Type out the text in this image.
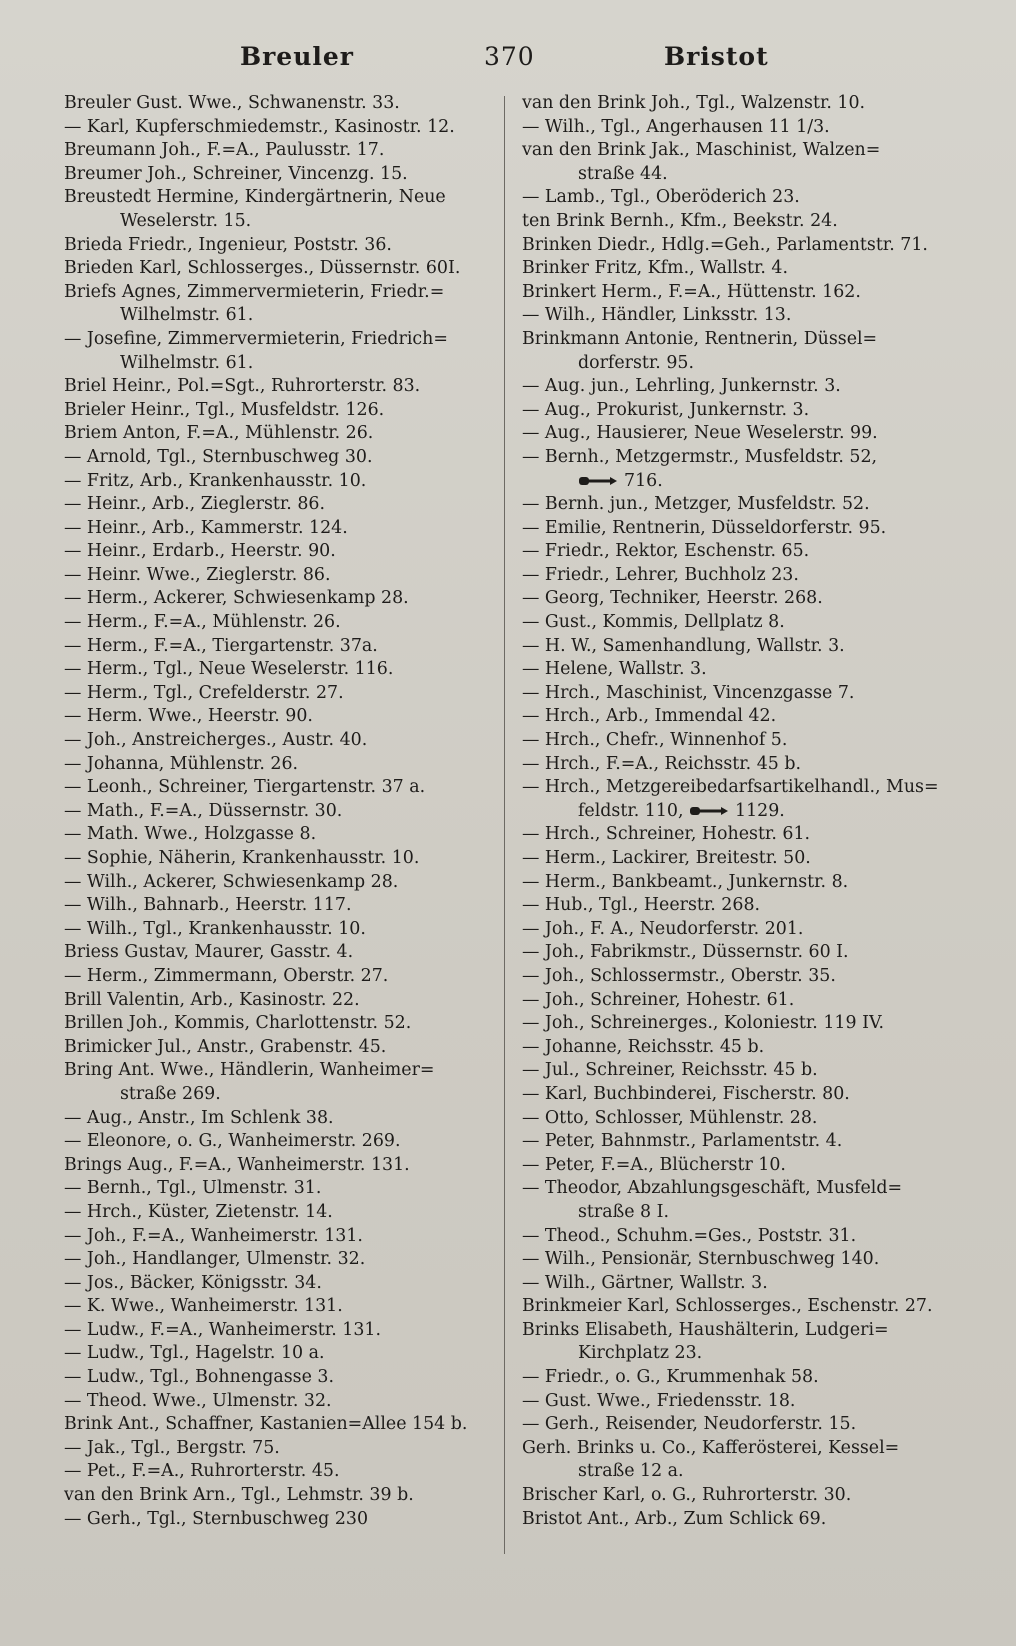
Breuler	370	Bristot
Breuler Gust. Wwe., Schwanenstr. 33.
— Karl, Kupferschmiedemstr., Kasinostr. 12.
Breumann Joh., F.=A., Paulusstr. 17.
Breumer Joh., Schreiner, Vincenzg. 15.
Breustedt Hermine, Kindergärtnerin, Neue
Weselerstr. 15.
Brieda Friedr., Ingenieur, Poststr. 36.
Brieden Karl, Schlosserges., Düssernstr. 60I.
Briefs Agnes, Zimmervermieterin, Friedr.=
Wilhelmstr. 61.
— Josefine, Zimmervermieterin, Friedrich=
Wilhelmstr. 61.
Briel Heinr., Pol.=Sgt., Ruhrorterstr. 83.
Brieler Heinr., Tgl., Musfeldstr. 126.
Briem Anton, F.=A., Mühlenstr. 26.
— Arnold, Tgl., Sternbuschweg 30.
— Fritz, Arb., Krankenhausstr. 10.
— Heinr., Arb., Zieglerstr. 86.
— Heinr., Arb., Kammerstr. 124.
— Heinr., Erdarb., Heerstr. 90.
— Heinr. Wwe., Zieglerstr. 86.
— Herm., Ackerer, Schwiesenkamp 28.
— Herm., F.=A., Mühlenstr. 26.
— Herm., F.=A., Tiergartenstr. 37a.
— Herm., Tgl., Neue Weselerstr. 116.
— Herm., Tgl., Crefelderstr. 27.
— Herm. Wwe., Heerstr. 90.
— Joh., Anstreicherges., Austr. 40.
— Johanna, Mühlenstr. 26.
— Leonh., Schreiner, Tiergartenstr. 37 a.
— Math., F.=A., Düssernstr. 30.
— Math. Wwe., Holzgasse 8.
— Sophie, Näherin, Krankenhausstr. 10.
— Wilh., Ackerer, Schwiesenkamp 28.
— Wilh., Bahnarb., Heerstr. 117.
— Wilh., Tgl., Krankenhausstr. 10.
Briess Gustav, Maurer, Gasstr. 4.
— Herm., Zimmermann, Oberstr. 27.
Brill Valentin, Arb., Kasinostr. 22.
Brillen Joh., Kommis, Charlottenstr. 52.
Brimicker Jul., Anstr., Grabenstr. 45.
Bring Ant. Wwe., Händlerin, Wanheimer=
straße 269.
— Aug., Anstr., Im Schlenk 38.
— Eleonore, o. G., Wanheimerstr. 269.
Brings Aug., F.=A., Wanheimerstr. 131.
— Bernh., Tgl., Ulmenstr. 31.
— Hrch., Küster, Zietenstr. 14.
— Joh., F.=A., Wanheimerstr. 131.
— Joh., Handlanger, Ulmenstr. 32.
— Jos., Bäcker, Königsstr. 34.
— K. Wwe., Wanheimerstr. 131.
— Ludw., F.=A., Wanheimerstr. 131.
— Ludw., Tgl., Hagelstr. 10 a.
— Ludw., Tgl., Bohnengasse 3.
— Theod. Wwe., Ulmenstr. 32.
Brink Ant., Schaffner, Kastanien=Allee 154 b.
— Jak., Tgl., Bergstr. 75.
— Pet., F.=A., Ruhrorterstr. 45.
van den Brink Arn., Tgl., Lehmstr. 39 b.
— Gerh., Tgl., Sternbuschweg 230
van den Brink Joh., Tgl., Walzenstr. 10.
— Wilh., Tgl., Angerhausen 11 1/3.
van den Brink Jak., Maschinist, Walzen=
straße 44.
— Lamb., Tgl., Oberöderich 23.
ten Brink Bernh., Kfm., Beekstr. 24.
Brinken Diedr., Hdlg.=Geh., Parlamentstr. 71.
Brinker Fritz, Kfm., Wallstr. 4.
Brinkert Herm., F.=A., Hüttenstr. 162.
— Wilh., Händler, Linksstr. 13.
Brinkmann Antonie, Rentnerin, Düssel=
dorferstr. 95.
— Aug. jun., Lehrling, Junkernstr. 3.
— Aug., Prokurist, Junkernstr. 3.
— Aug., Hausierer, Neue Weselerstr. 99.
— Bernh., Metzgermstr., Musfeldstr. 52,
716.
— Bernh. jun., Metzger, Musfeldstr. 52.
— Emilie, Rentnerin, Düsseldorferstr. 95.
— Friedr., Rektor, Eschenstr. 65.
— Friedr., Lehrer, Buchholz 23.
— Georg, Techniker, Heerstr. 268.
— Gust., Kommis, Dellplatz 8.
— H. W., Samenhandlung, Wallstr. 3.
— Helene, Wallstr. 3.
— Hrch., Maschinist, Vincenzgasse 7.
— Hrch., Arb., Immendal 42.
— Hrch., Chefr., Winnenhof 5.
— Hrch., F.=A., Reichsstr. 45 b.
— Hrch., Metzgereibedarfsartikelhandl., Mus=
feldstr. 110,	1129.
— Hrch., Schreiner, Hohestr. 61.
— Herm., Lackirer, Breitestr. 50.
— Herm., Bankbeamt., Junkernstr. 8.
— Hub., Tgl., Heerstr. 268.
— Joh., F. A., Neudorferstr. 201.
— Joh., Fabrikmstr., Düssernstr. 60 I.
— Joh., Schlossermstr., Oberstr. 35.
— Joh., Schreiner, Hohestr. 61.
— Joh., Schreinerges., Koloniestr. 119 IV.
— Johanne, Reichsstr. 45 b.
— Jul., Schreiner, Reichsstr. 45 b.
— Karl, Buchbinderei, Fischerstr. 80.
— Otto, Schlosser, Mühlenstr. 28.
— Peter, Bahnmstr., Parlamentstr. 4.
— Peter, F.=A., Blücherstr 10.
— Theodor, Abzahlungsgeschäft, Musfeld=
straße 8 I.
— Theod., Schuhm.=Ges., Poststr. 31.
— Wilh., Pensionär, Sternbuschweg 140.
— Wilh., Gärtner, Wallstr. 3.
Brinkmeier Karl, Schlosserges., Eschenstr. 27.
Brinks Elisabeth, Haushälterin, Ludgeri=
Kirchplatz 23.
— Friedr., o. G., Krummenhak 58.
— Gust. Wwe., Friedensstr. 18.
— Gerh., Reisender, Neudorferstr. 15.
Gerh. Brinks u. Co., Kafferösterei, Kessel=
straße 12 a.
Brischer Karl, o. G., Ruhrorterstr. 30.
Bristot Ant., Arb., Zum Schlick 69.
